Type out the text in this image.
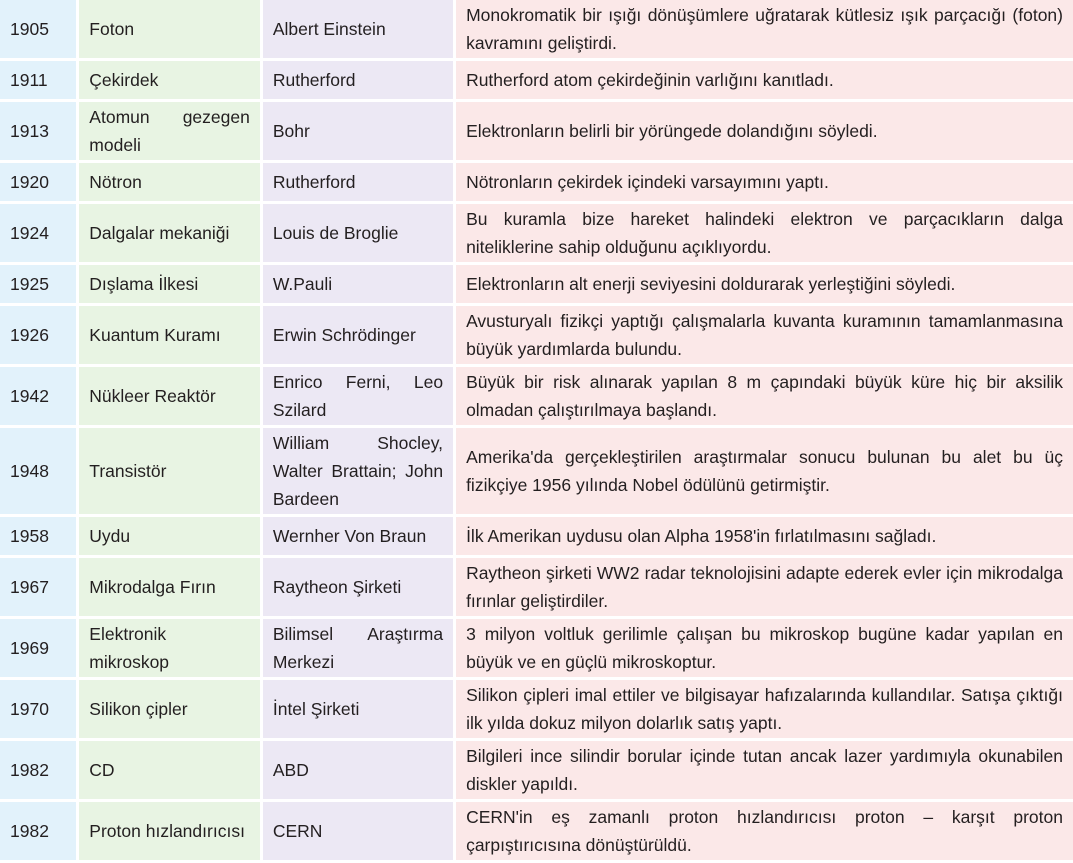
1905	Foton	Albert Einstein	Monokromatik bir ışığı dönüşümlere uğratarak kütlesiz ışık parçacığı (foton) kavramını geliştirdi.
1911	Çekirdek	Rutherford	Rutherford atom çekirdeğinin varlığını kanıtladı.
1913	Atomun gezegen modeli	Bohr	Elektronların belirli bir yörüngede dolandığını söyledi.
1920	Nötron	Rutherford	Nötronların çekirdek içindeki varsayımını yaptı.
1924	Dalgalar mekaniği	Louis de Broglie	Bu kuramla bize hareket halindeki elektron ve parçacıkların dalga niteliklerine sahip olduğunu açıklıyordu.
1925	Dışlama İlkesi	W.Pauli	Elektronların alt enerji seviyesini doldurarak yerleştiğini söyledi.
1926	Kuantum Kuramı	Erwin Schrödinger	Avusturyalı fizikçi yaptığı çalışmalarla kuvanta kuramının tamamlanmasına büyük yardımlarda bulundu.
1942	Nükleer Reaktör	Enrico Ferni, Leo Szilard	Büyük bir risk alınarak yapılan 8 m çapındaki büyük küre hiç bir aksilik olmadan çalıştırılmaya başlandı.
1948	Transistör	William Shocley, Walter Brattain; John Bardeen	Amerika'da gerçekleştirilen araştırmalar sonucu bulunan bu alet bu üç fizikçiye 1956 yılında Nobel ödülünü getirmiştir.
1958	Uydu	Wernher Von Braun	İlk Amerikan uydusu olan Alpha 1958'in fırlatılmasını sağladı.
1967	Mikrodalga Fırın	Raytheon Şirketi	Raytheon şirketi WW2 radar teknolojisini adapte ederek evler için mikrodalga fırınlar geliştirdiler.
1969	Elektronik mikroskop	Bilimsel Araştırma Merkezi	3 milyon voltluk gerilimle çalışan bu mikroskop bugüne kadar yapılan en büyük ve en güçlü mikroskoptur.
1970	Silikon çipler	İntel Şirketi	Silikon çipleri imal ettiler ve bilgisayar hafızalarında kullandılar. Satışa çıktığı ilk yılda dokuz milyon dolarlık satış yaptı.
1982	CD	ABD	Bilgileri ince silindir borular içinde tutan ancak lazer yardımıyla okunabilen diskler yapıldı.
1982	Proton hızlandırıcısı	CERN	CERN'in eş zamanlı proton hızlandırıcısı proton – karşıt proton çarpıştırıcısına dönüştürüldü.
